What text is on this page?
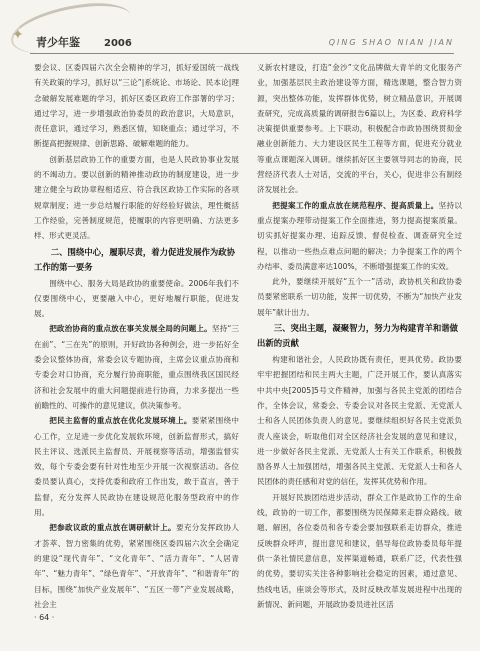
✦ 青少年鉴 2006	QING SHAO NIAN JIAN

要会议、区委四届六次全会精神的学习，抓好爱国统一战线有关政策的学习，抓好以“三论”|系统论、市场论、民本论|理念破解发展难题的学习，抓好区委区政府工作部署的学习；通过学习，进一步增强政治协委员的政治意识，大局意识，责任意识，通过学习，熟悉区情，知晓重点；通过学习，不断提高把握规律、创新思路、破解难题的能力。

创新基层政协工作的重要方面，也是人民政协事业发展的不竭动力。要以创新的精神推动政协的制度建设，进一步建立健全与政协章程相适应、符合我区政协工作实际的各项规章制度；进一步总结履行职能的好经验好做法，理性概括工作经验，完善制度规范，使履职的内容更明确、方法更多样、形式更灵活。

二、围绕中心，履职尽责，着力促进发展作为政协工作的第一要务

围绕中心、服务大局是政协的重要使命。2006年我们不仅要围绕中心，更要融入中心，更好地履行职能，促进发展。

把政治协商的重点放在事关发展全局的问题上。坚持“三在前”、“三在先”的原则，开好政协各种例会，进一步拓好全委会议整体协商，常委会议专题协商，主席会议重点协商和专委会对口协商，充分履行协商职能，重点围绕我区国民经济和社会发展中的重大问题提前进行协商，力求多提出一些前瞻性的、可操作的意见建议，供决策参考。

把民主监督的重点放在优化发展环境上。要紧紧围绕中心工作，立足进一步优化发展软环境，创新监督形式，搞好民主评议、选派民主监督员、开展视察等活动，增强监督实效，每个专委会要有针对性地至少开展一次视察活动。各位委员要认真心，支持优委和政府工作出发，敢于直言，善于监督，充分发挥人民政协在建设规范化服务型政府中的作用。

把参政议政的重点放在调研献计上。要充分发挥政协人才荟萃、智力密集的优势，紧紧围绕区委四届六次全会确定的建设“现代青年”、“文化青年”、“活力青年”、“人居青年”、“魅力青年”、“绿色青年”、“开放青年”、“和谐青年”的目标，围绕“加快产业发展年”、“五区一带”产业发展战略，社会主

义新农村建设，打造“金沙”文化品牌做大青羊的文化服务产业，加强基层民主政治建设等方面，精选课题，整合智力资源，突出整体功能，发挥群体优势，树立精品意识，开展调查研究，完成高质量的调研报告6篇以上，为区委、政府科学决策提供重要参考。上下联动，积极配合市政协围绕贯彻金融业创新能力、大力建设区民生工程等方面，促进充分就业等重点课题深入调研。继续抓好区主要领导同志的协商，民营经济代表人士对话，交流的平台，关心，促进非公有制经济发展社会。

把提案工作的重点放在规范程序、提高质量上。坚持以重点提案办理带动提案工作全面推进，努力提高提案质量。切实抓好提案办理、追踪反馈、督促检查、调查研究全过程，以推动一些热点难点问题的解决；力争提案工作的两个办结率、委员满意率达100%，不断增强提案工作的实效。

此外，要继续开展好“五个一”活动，政协机关和政协委员要紧密联系一切功能，发挥一切优势，不断为“加快产业发展年”献计出力。

三、突出主题，凝聚智力，努力为构建青羊和谐做出新的贡献

构建和谐社会，人民政协既有责任，更具优势。政协要牢牢把握团结和民主两大主题，广泛开展工作，要认真落实中共中央[2005]5号文件精神，加强与各民主党派的团结合作，全体会议，常委会、专委会议对各民主党派、无党派人士和各人民团体负责人的意见。要继续组织好各民主党派负责人座谈会，听取他们对全区经济社会发展的意见和建议，进一步做好各民主党派、无党派人士有关工作联系，积极鼓励各界人士加强团结，增强各民主党派、无党派人士和各人民团体的责任感和对党的信任，发挥其优势和作用。

开展好民族团结进步活动，群众工作是政协工作的生命线，政协的一切工作，都要围绕为民保障来走群众路线。破题、解困，各位委员和各专委会要加强联系走访群众，推进反映群众呼声，提出意见和建议，倡导每位政协委员每年提供一条社情民意信息，发挥渠道畅通，联系广泛，代表性强的优势，要切实关注各种影响社会稳定的因素，通过意见、热线电话，座谈会等形式，及时反映改革发展进程中出现的新情况、新问题，开展政协委员进社区活

· 64 ·
